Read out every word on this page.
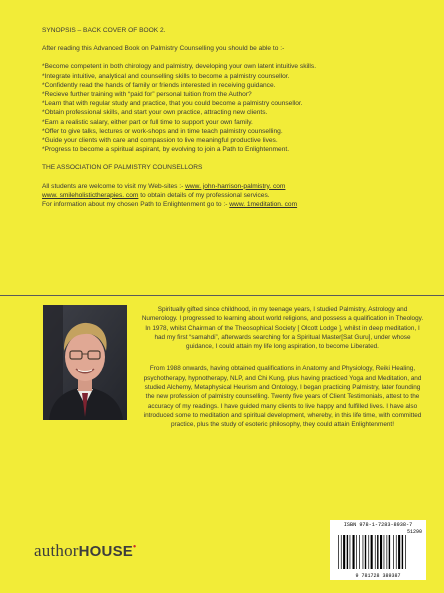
SYNOPSIS – BACK COVER OF BOOK 2.

After reading this Advanced Book on Palmistry Counselling you should be able to :-

*Become competent in both chirology and palmistry, developing your own latent intuitive skills.

*Integrate intuitive, analytical and counselling skills to become a palmistry counsellor.

*Confidently read the hands of family or friends interested in receiving guidance.

*Recieve further training with “paid for” personal tuition from the Author?

*Learn that with regular study and practice, that you could become a palmistry counsellor.

*Obtain professional skills, and start your own practice, attracting new clients.

*Earn a realistic salary, either part or full time to support your own family.

*Offer to give talks, lectures or work-shops and in time teach palmistry counselling.

*Guide your clients with care and compassion to live meaningful productive lives.

*Progress to become a spiritual aspirant, by evolving to join a Path to Enlightenment.

THE ASSOCIATION OF PALMISTRY COUNSELLORS

All students are welcome to visit my Web-sites :- www. john-harrison-palmistry. com

www. smileholistictherapies. com to obtain details of my professional services.

For information about my chosen Path to Enlightenment go to :- www. 1meditation. com

Spiritually gifted since childhood, in my teenage years, I studied Palmistry, Astrology and Numerology. I progressed to learning about world religions, and possess a qualification in Theology. In 1978, whilst Chairman of the Theosophical Society [ Olcott Lodge ], whilst in deep meditation, I had my first “samahdi”, afterwards searching for a Spiritual Master[Sat Guru], under whose guidance, I could attain my life long aspiration, to become Liberated.

From 1988 onwards, having obtained qualifications in Anatomy and Physiology, Reiki Healing, psychotherapy, hypnotherapy, NLP, and Chi Kung, plus having practiced Yoga and Meditation, and studied Alchemy, Metaphysical Heurism and Ontology, I began practicing Palmistry, later founding the new profession of palmistry counselling. Twenty five years of Client Testimonials, attest to the accuracy of my readings. I have guided many clients to live happy and fulfilled lives. I have also introduced some to meditation and spiritual development, whereby, in this life time, with committed practice, plus the study of esoteric philosophy, they could attain Enlightenment!

authorHOUSE•
ISBN 978-1-7283-8938-7
51290
9 781728 389387
